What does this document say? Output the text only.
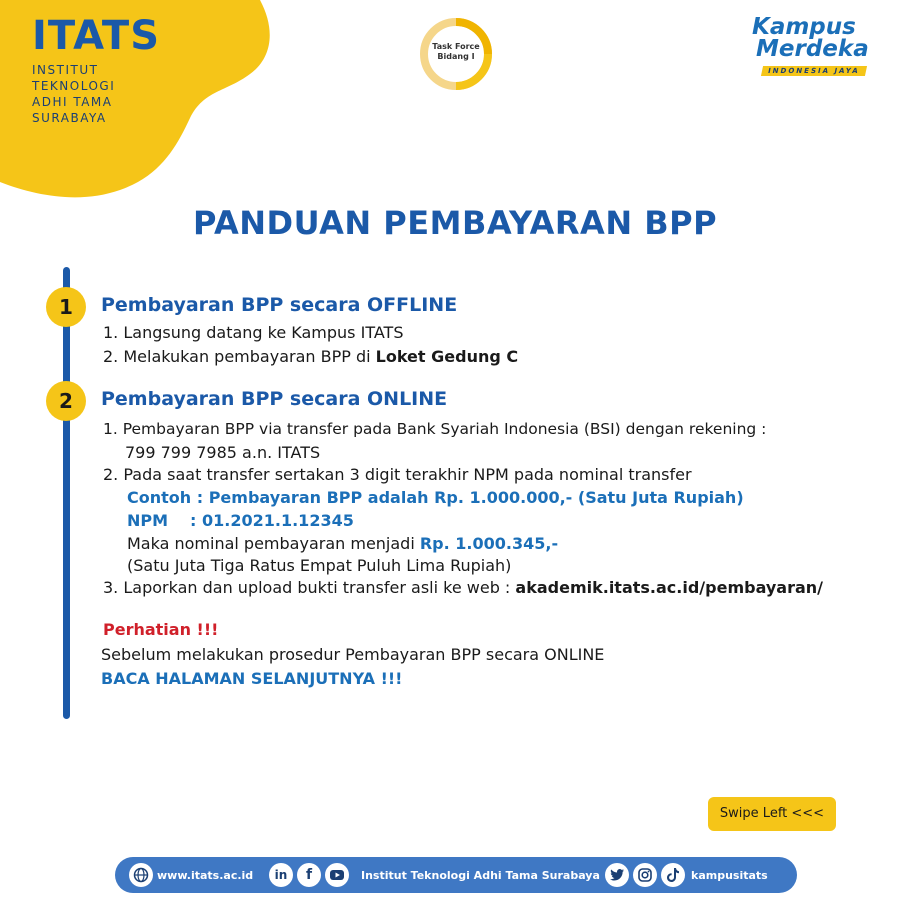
ITATS
INSTITUT
TEKNOLOGI
ADHI TAMA
SURABAYA
Task Force
Bidang I
Kampus
Merdeka
INDONESIA JAYA
PANDUAN PEMBAYARAN BPP
1	Pembayaran BPP secara OFFLINE
1. Langsung datang ke Kampus ITATS
2. Melakukan pembayaran BPP di Loket Gedung C
2	Pembayaran BPP secara ONLINE
1. Pembayaran BPP via transfer pada Bank Syariah Indonesia (BSI) dengan rekening :
799 799 7985 a.n. ITATS
2. Pada saat transfer sertakan 3 digit terakhir NPM pada nominal transfer
Contoh : Pembayaran BPP adalah Rp. 1.000.000,- (Satu Juta Rupiah)
NPM : 01.2021.1.12345
Maka nominal pembayaran menjadi Rp. 1.000.345,-
(Satu Juta Tiga Ratus Empat Puluh Lima Rupiah)
3. Laporkan dan upload bukti transfer asli ke web : akademik.itats.ac.id/pembayaran/
Perhatian !!!
Sebelum melakukan prosedur Pembayaran BPP secara ONLINE
BACA HALAMAN SELANJUTNYA !!!
Swipe Left <<<
www.itats.ac.id in f	Institut Teknologi Adhi Tama Surabaya	kampusitats
